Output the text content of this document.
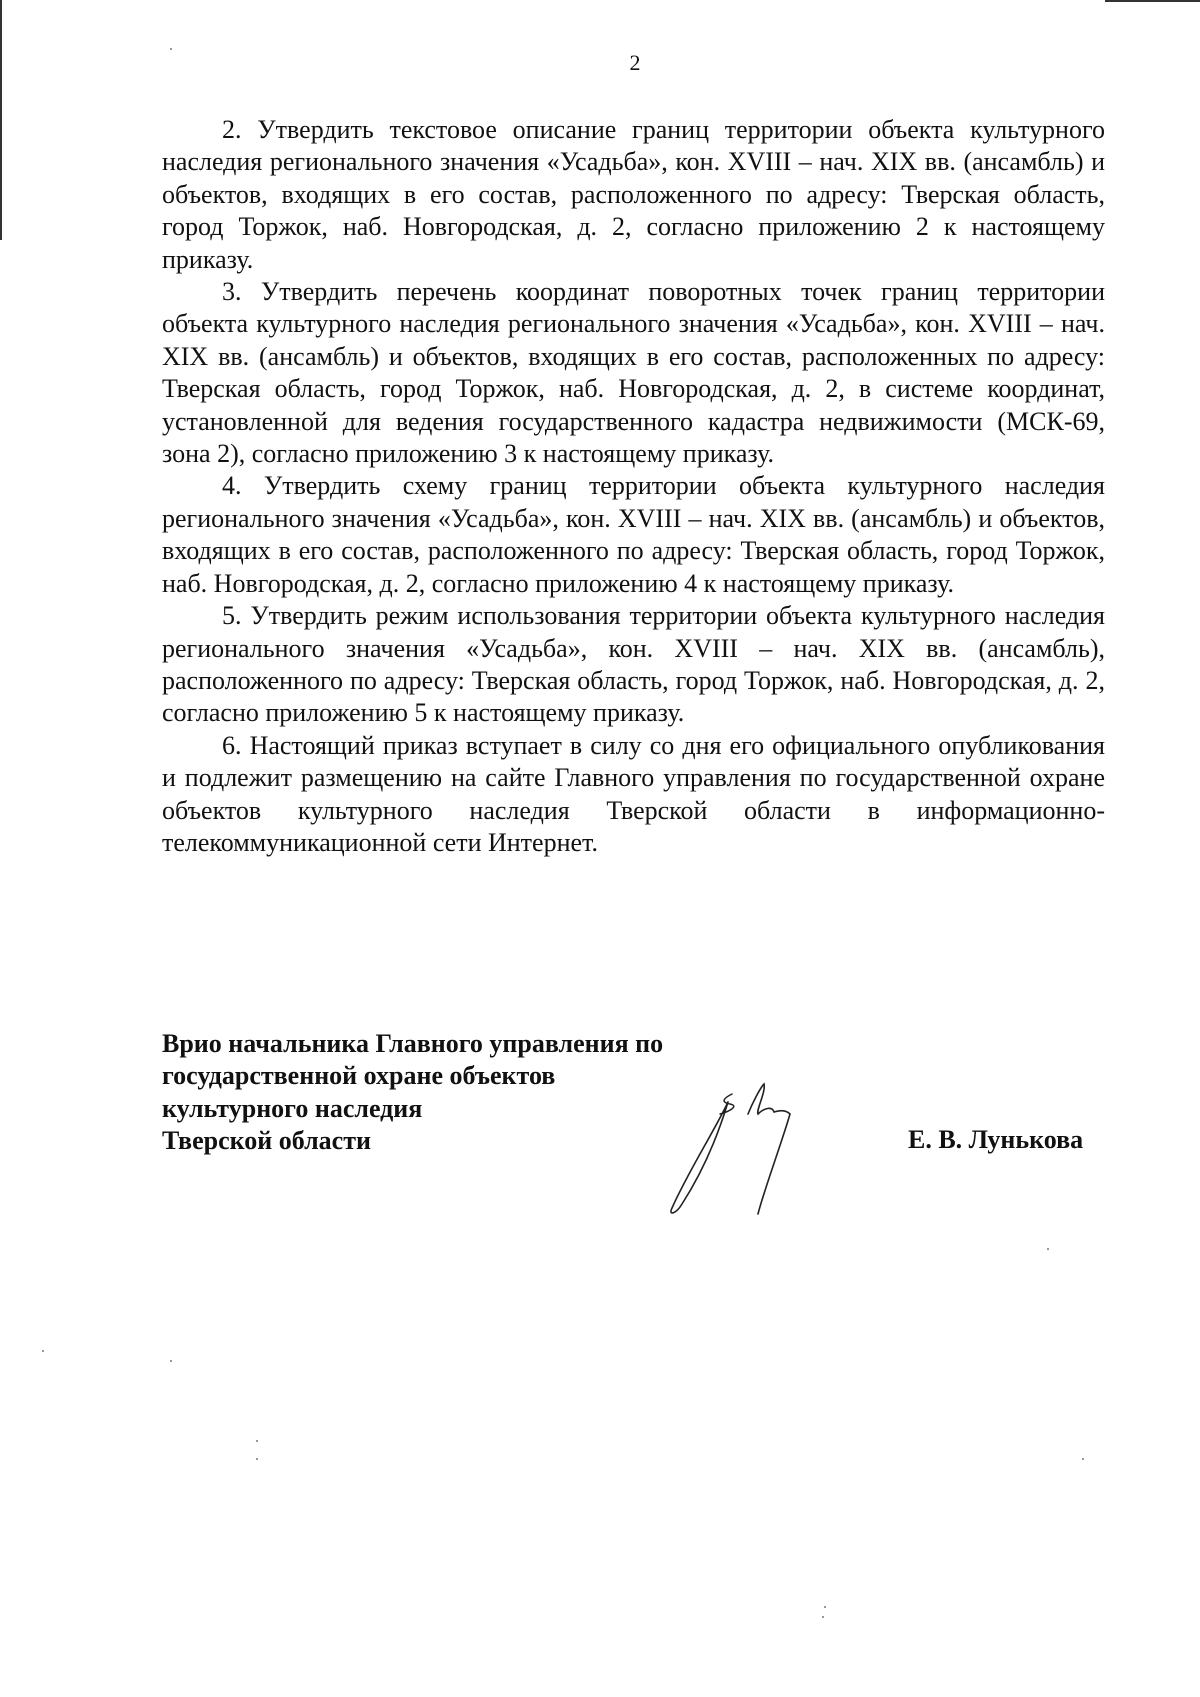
2

2. Утвердить текстовое описание границ территории объекта культурного наследия регионального значения «Усадьба», кон. XVIII – нач. XIX вв. (ансамбль) и объектов, входящих в его состав, расположенного по адресу: Тверская область, город Торжок, наб. Новгородская, д. 2, согласно приложению 2 к настоящему приказу.

3. Утвердить перечень координат поворотных точек границ территории объекта культурного наследия регионального значения «Усадьба», кон. XVIII – нач. XIX вв. (ансамбль) и объектов, входящих в его состав, расположенных по адресу: Тверская область, город Торжок, наб. Новгородская, д. 2, в системе координат, установленной для ведения государственного кадастра недвижимости (МСК-69, зона 2), согласно приложению 3 к настоящему приказу.

4. Утвердить схему границ территории объекта культурного наследия регионального значения «Усадьба», кон. XVIII – нач. XIX вв. (ансамбль) и объектов, входящих в его состав, расположенного по адресу: Тверская область, город Торжок, наб. Новгородская, д. 2, согласно приложению 4 к настоящему приказу.

5. Утвердить режим использования территории объекта культурного наследия регионального значения «Усадьба», кон. XVIII – нач. XIX вв. (ансамбль), расположенного по адресу: Тверская область, город Торжок, наб. Новгородская, д. 2, согласно приложению 5 к настоящему приказу.

6. Настоящий приказ вступает в силу со дня его официального опубликования и подлежит размещению на сайте Главного управления по государственной охране объектов культурного наследия Тверской области в информационно-телекоммуникационной сети Интернет.

Врио начальника Главного управления по
государственной охране объектов
культурного наследия
Тверской области	Е. В. Лунькова
